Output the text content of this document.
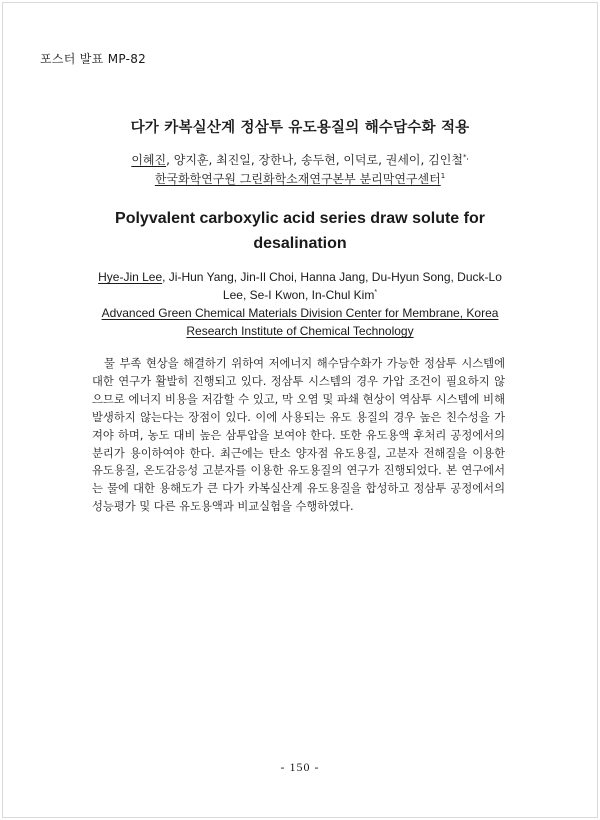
포스터 발표 MP-82
다가 카복실산계 정삼투 유도용질의 해수담수화 적용
이혜진, 양지훈, 최진일, 장한나, 송두현, 이덕로, 권세이, 김인철*,
한국화학연구원 그린화학소재연구본부 분리막연구센터$^1$
Polyvalent carboxylic acid series draw solute for
desalination
Hye-Jin Lee, Ji-Hun Yang, Jin-Il Choi, Hanna Jang, Du-Hyun Song, Duck-Lo Lee, Se-I Kwon, In-Chul Kim*
Advanced Green Chemical Materials Division Center for Membrane, Korea Research Institute of Chemical Technology

물 부족 현상을 해결하기 위하여 저에너지 해수담수화가 가능한 정삼투 시스템에 대한 연구가 활발히 진행되고 있다. 정삼투 시스템의 경우 가압 조건이 필요하지 않으므로 에너지 비용을 저감할 수 있고, 막 오염 및 파쇄 현상이 역삼투 시스템에 비해 발생하지 않는다는 장점이 있다. 이에 사용되는 유도 용질의 경우 높은 친수성을 가져야 하며, 농도 대비 높은 삼투압을 보여야 한다. 또한 유도용액 후처리 공정에서의 분리가 용이하여야 한다. 최근에는 탄소 양자점 유도용질, 고분자 전해질을 이용한 유도용질, 온도감응성 고분자를 이용한 유도용질의 연구가 진행되었다. 본 연구에서는 물에 대한 용해도가 큰 다가 카복실산계 유도용질을 합성하고 정삼투 공정에서의 성능평가 및 다른 유도용액과 비교실험을 수행하였다.

- 150 -
